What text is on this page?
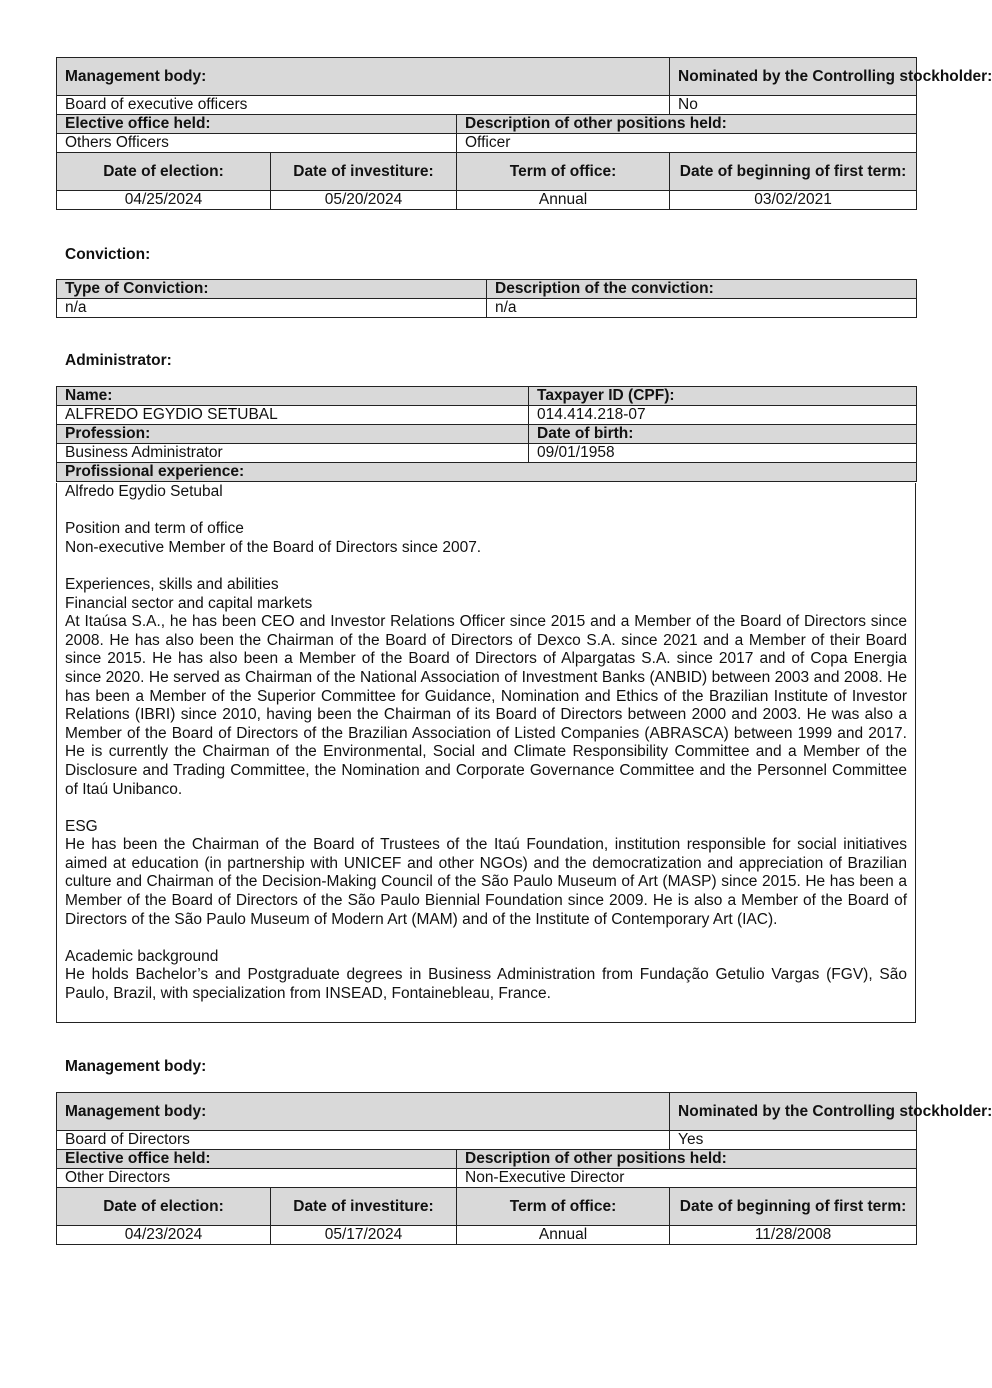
Management body:			Nominated by the Controlling stockholder:
Board of executive officers			No
Elective office held:		Description of other positions held:	
Others Officers		Officer	
Date of election:	Date of investiture:	Term of office:	Date of beginning of first term:
04/25/2024	05/20/2024	Annual	03/02/2021
Conviction:
Type of Conviction:	Description of the conviction:
n/a	n/a
Administrator:
Name:	Taxpayer ID (CPF):
ALFREDO EGYDIO SETUBAL	014.414.218-07
Profession:	Date of birth:
Business Administrator	09/01/1958
Profissional experience:	

Alfredo Egydio Setubal

Position and term of office

Non-executive Member of the Board of Directors since 2007.

Experiences, skills and abilities

Financial sector and capital markets

At Itaúsa S.A., he has been CEO and Investor Relations Officer since 2015 and a Member of the Board of Directors since 2008. He has also been the Chairman of the Board of Directors of Dexco S.A. since 2021 and a Member of their Board since 2015. He has also been a Member of the Board of Directors of Alpargatas S.A. since 2017 and of Copa Energia since 2020. He served as Chairman of the National Association of Investment Banks (ANBID) between 2003 and 2008. He has been a Member of the Superior Committee for Guidance, Nomination and Ethics of the Brazilian Institute of Investor Relations (IBRI) since 2010, having been the Chairman of its Board of Directors between 2000 and 2003. He was also a Member of the Board of Directors of the Brazilian Association of Listed Companies (ABRASCA) between 1999 and 2017. He is currently the Chairman of the Environmental, Social and Climate Responsibility Committee and a Member of the Disclosure and Trading Committee, the Nomination and Corporate Governance Committee and the Personnel Committee of Itaú Unibanco.

ESG

He has been the Chairman of the Board of Trustees of the Itaú Foundation, institution responsible for social initiatives aimed at education (in partnership with UNICEF and other NGOs) and the democratization and appreciation of Brazilian culture and Chairman of the Decision-Making Council of the São Paulo Museum of Art (MASP) since 2015. He has been a Member of the Board of Directors of the São Paulo Biennial Foundation since 2009. He is also a Member of the Board of Directors of the São Paulo Museum of Modern Art (MAM) and of the Institute of Contemporary Art (IAC).

Academic background

He holds Bachelor’s and Postgraduate degrees in Business Administration from Fundação Getulio Vargas (FGV), São Paulo, Brazil, with specialization from INSEAD, Fontainebleau, France.

Management body:
Management body:			Nominated by the Controlling stockholder:
Board of Directors			Yes
Elective office held:		Description of other positions held:	
Other Directors		Non-Executive Director	
Date of election:	Date of investiture:	Term of office:	Date of beginning of first term:
04/23/2024	05/17/2024	Annual	11/28/2008
